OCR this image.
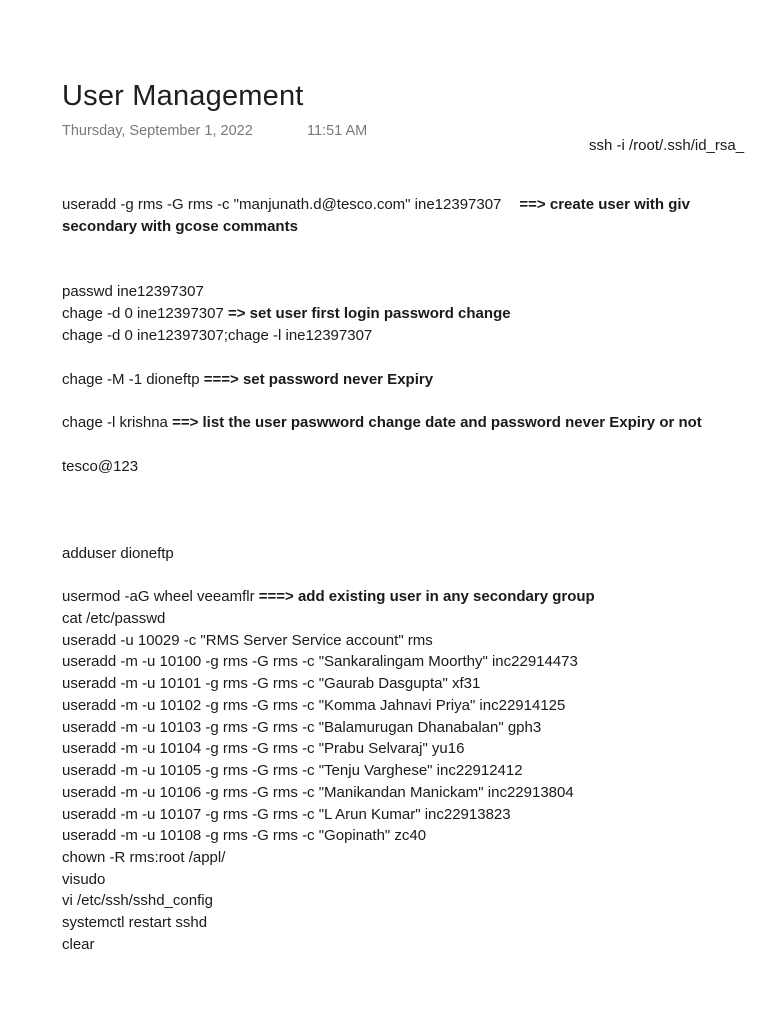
User Management
Thursday, September 1, 2022	11:51 AM
ssh -i /root/.ssh/id_rsa_
useradd -g rms -G rms -c "manjunath.d@tesco.com" ine12397307 ==> create user with giv
secondary with gcose commants
passwd ine12397307
chage -d 0 ine12397307 => set user first login password change
chage -d 0 ine12397307;chage -l ine12397307
chage -M -1 dioneftp ===> set password never Expiry
chage -l krishna ==> list the user paswword change date and password never Expiry or not
tesco@123
adduser dioneftp
usermod -aG wheel veeamflr ===> add existing user in any secondary group
cat /etc/passwd
useradd -u 10029 -c "RMS Server Service account" rms
useradd -m -u 10100 -g rms -G rms -c "Sankaralingam Moorthy" inc22914473
useradd -m -u 10101 -g rms -G rms -c "Gaurab Dasgupta" xf31
useradd -m -u 10102 -g rms -G rms -c "Komma Jahnavi Priya" inc22914125
useradd -m -u 10103 -g rms -G rms -c "Balamurugan Dhanabalan" gph3
useradd -m -u 10104 -g rms -G rms -c "Prabu Selvaraj" yu16
useradd -m -u 10105 -g rms -G rms -c "Tenju Varghese" inc22912412
useradd -m -u 10106 -g rms -G rms -c "Manikandan Manickam" inc22913804
useradd -m -u 10107 -g rms -G rms -c "L Arun Kumar" inc22913823
useradd -m -u 10108 -g rms -G rms -c "Gopinath" zc40
chown -R rms:root /appl/
visudo
vi /etc/ssh/sshd_config
systemctl restart sshd
clear
